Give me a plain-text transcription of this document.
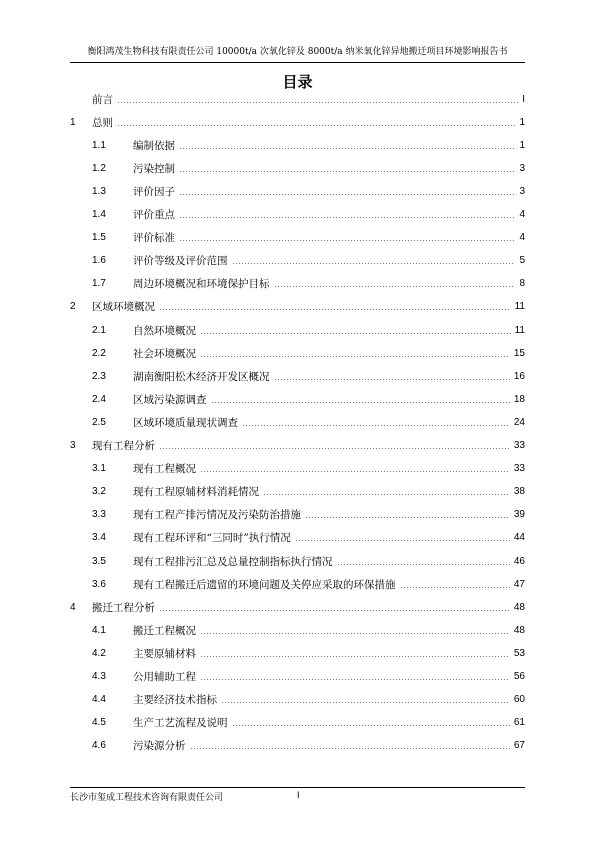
衡阳鸿茂生物科技有限责任公司 10000t/a 次氧化锌及 8000t/a 纳米氧化锌异地搬迁项目环境影响报告书
目录
前言	I
1 总则	1
1.1	编制依据	1
1.2	污染控制	3
1.3	评价因子	3
1.4	评价重点	4
1.5	评价标准	4
1.6	评价等级及评价范围	5
1.7	周边环境概况和环境保护目标	8
2 区域环境概况	11
2.1	自然环境概况	11
2.2	社会环境概况	15
2.3	湖南衡阳松木经济开发区概况	16
2.4	区域污染源调查	18
2.5	区域环境质量现状调查	24
3 现有工程分析	33
3.1	现有工程概况	33
3.2	现有工程原辅材料消耗情况	38
3.3	现有工程产排污情况及污染防治措施	39
3.4	现有工程环评和“三同时”执行情况	44
3.5	现有工程排污汇总及总量控制指标执行情况	46
3.6	现有工程搬迁后遗留的环境问题及关停应采取的环保措施	47
4 搬迁工程分析	48
4.1	搬迁工程概况	48
4.2	主要原辅材料	53
4.3	公用辅助工程	56
4.4	主要经济技术指标	60
4.5	生产工艺流程及说明	61
4.6	污染源分析	67
长沙市玺成工程技术咨询有限责任公司	I
